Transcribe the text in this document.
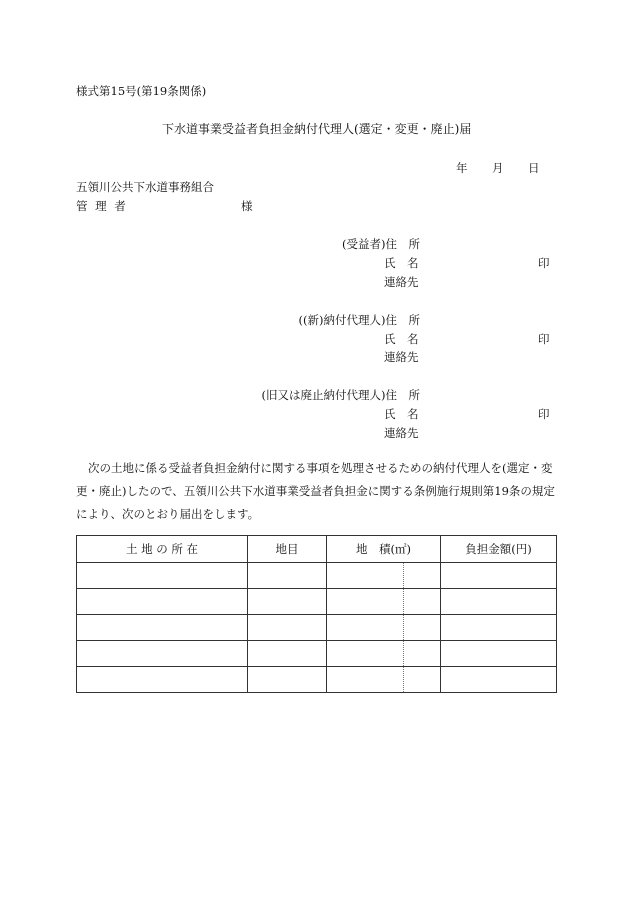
様式第15号(第19条関係)
下水道事業受益者負担金納付代理人(選定・変更・廃止)届
年 月 日
五領川公共下水道事務組合
管 理 者	様
(受益者)住　所
氏　名	印
連絡先
((新)納付代理人)住　所
氏　名	印
連絡先
(旧又は廃止納付代理人)住　所
氏　名	印
連絡先

次の土地に係る受益者負担金納付に関する事項を処理させるための納付代理人を(選定・変更・廃止)したので、五領川公共下水道事業受益者負担金に関する条例施行規則第19条の規定により、次のとおり届出をします。

土 地 の 所 在	地目	地　積(㎡)		負担金額(円)
